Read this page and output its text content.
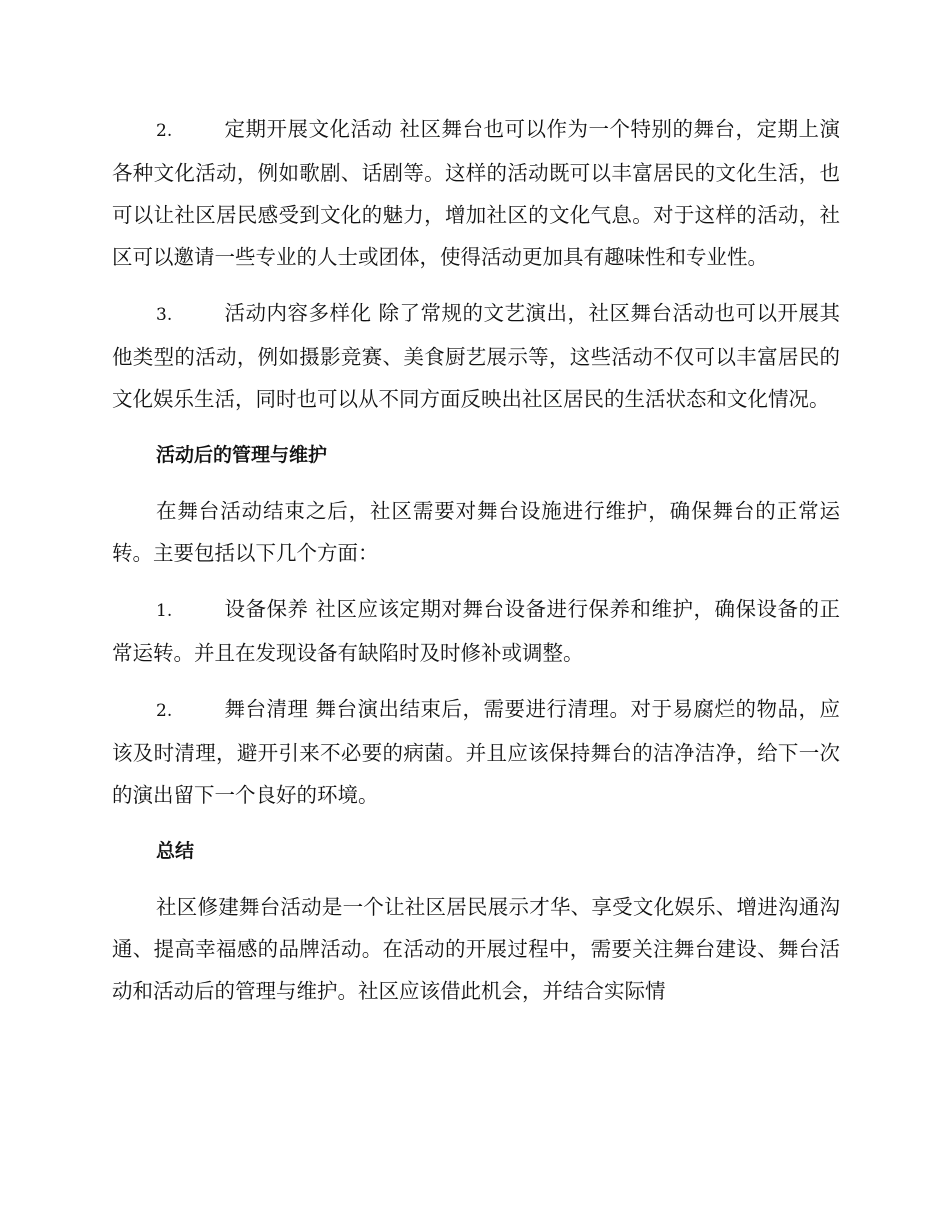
2.	定期开展文化活动 社区舞台也可以作为一个特别的舞台，定期上演各种文化活动，例如歌剧、话剧等。这样的活动既可以丰富居民的文化生活，也可以让社区居民感受到文化的魅力，增加社区的文化气息。对于这样的活动，社区可以邀请一些专业的人士或团体，使得活动更加具有趣味性和专业性。

3.	活动内容多样化 除了常规的文艺演出，社区舞台活动也可以开展其他类型的活动，例如摄影竞赛、美食厨艺展示等，这些活动不仅可以丰富居民的文化娱乐生活，同时也可以从不同方面反映出社区居民的生活状态和文化情况。

活动后的管理与维护

在舞台活动结束之后，社区需要对舞台设施进行维护，确保舞台的正常运转。主要包括以下几个方面：

1.	设备保养 社区应该定期对舞台设备进行保养和维护，确保设备的正常运转。并且在发现设备有缺陷时及时修补或调整。

2.	舞台清理 舞台演出结束后，需要进行清理。对于易腐烂的物品，应该及时清理，避开引来不必要的病菌。并且应该保持舞台的洁净洁净，给下一次的演出留下一个良好的环境。

总结

社区修建舞台活动是一个让社区居民展示才华、享受文化娱乐、增进沟通沟通、提高幸福感的品牌活动。在活动的开展过程中，需要关注舞台建设、舞台活动和活动后的管理与维护。社区应该借此机会，并结合实际情
